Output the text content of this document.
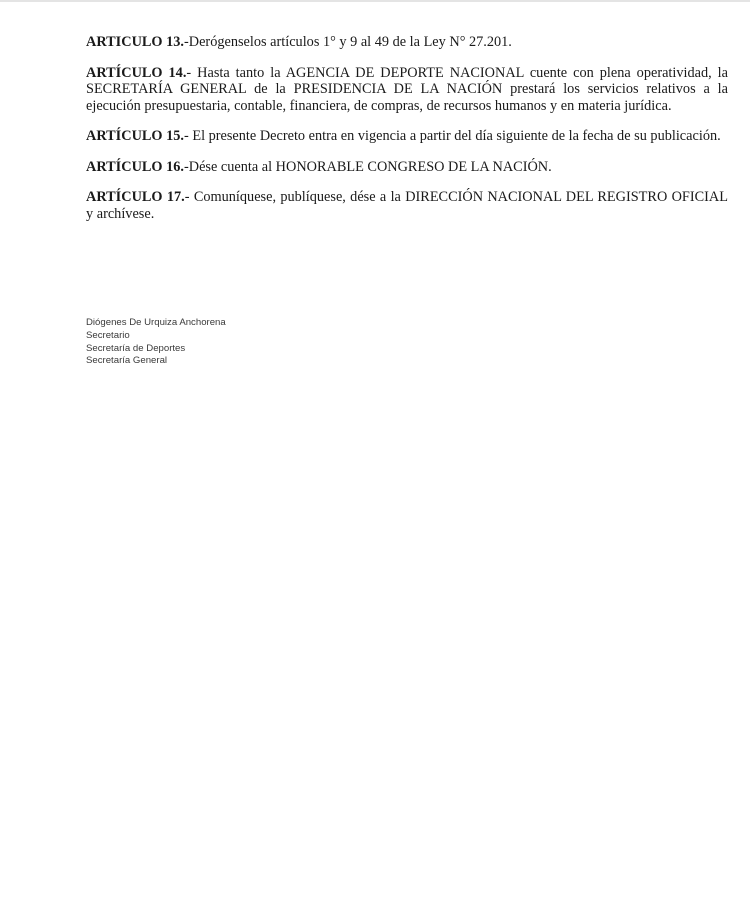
ARTICULO 13.-Derógenselos artículos 1° y 9 al 49 de la Ley N° 27.201.

ARTÍCULO 14.- Hasta tanto la AGENCIA DE DEPORTE NACIONAL cuente con plena operatividad, la SECRETARÍA GENERAL de la PRESIDENCIA DE LA NACIÓN prestará los servicios relativos a la ejecución presupuestaria, contable, financiera, de compras, de recursos humanos y en materia jurídica.

ARTÍCULO 15.- El presente Decreto entra en vigencia a partir del día siguiente de la fecha de su publicación.

ARTÍCULO 16.-Dése cuenta al HONORABLE CONGRESO DE LA NACIÓN.

ARTÍCULO 17.- Comuníquese, publíquese, dése a la DIRECCIÓN NACIONAL DEL REGISTRO OFICIAL y archívese.

Diógenes De Urquiza Anchorena
Secretario
Secretaría de Deportes
Secretaría General
